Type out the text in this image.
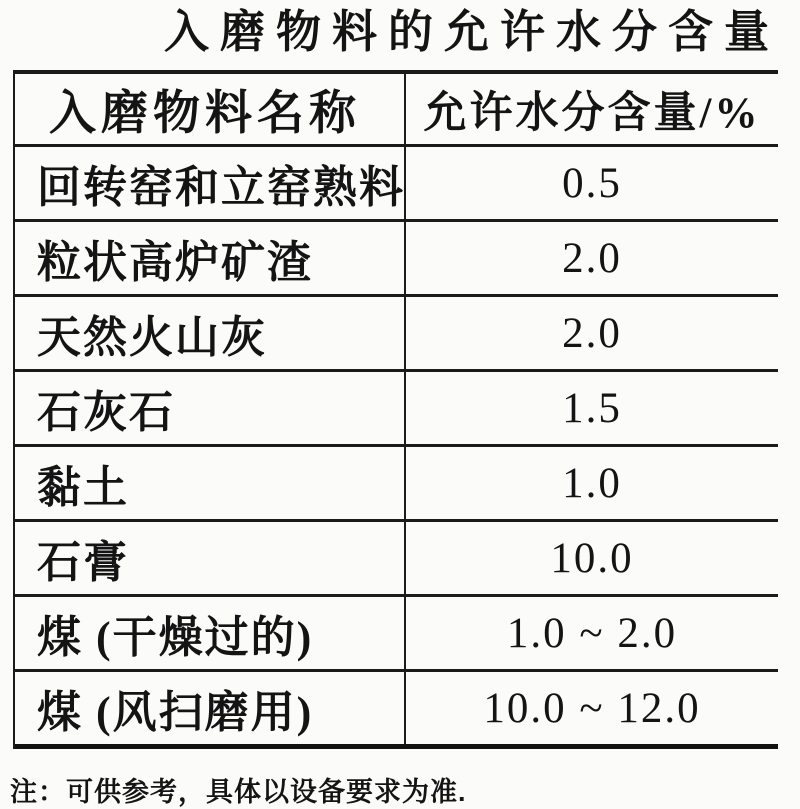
入磨物料的允许水分含量
入磨物料名称	允许水分含量/%
回转窑和立窑熟料	0.5
粒状高炉矿渣	2.0
天然火山灰	2.0
石灰石	1.5
黏土	1.0
石膏	10.0
煤 (干燥过的)	1.0 ~ 2.0
煤 (风扫磨用)	10.0 ~ 12.0
注：可供参考，具体以设备要求为准.
